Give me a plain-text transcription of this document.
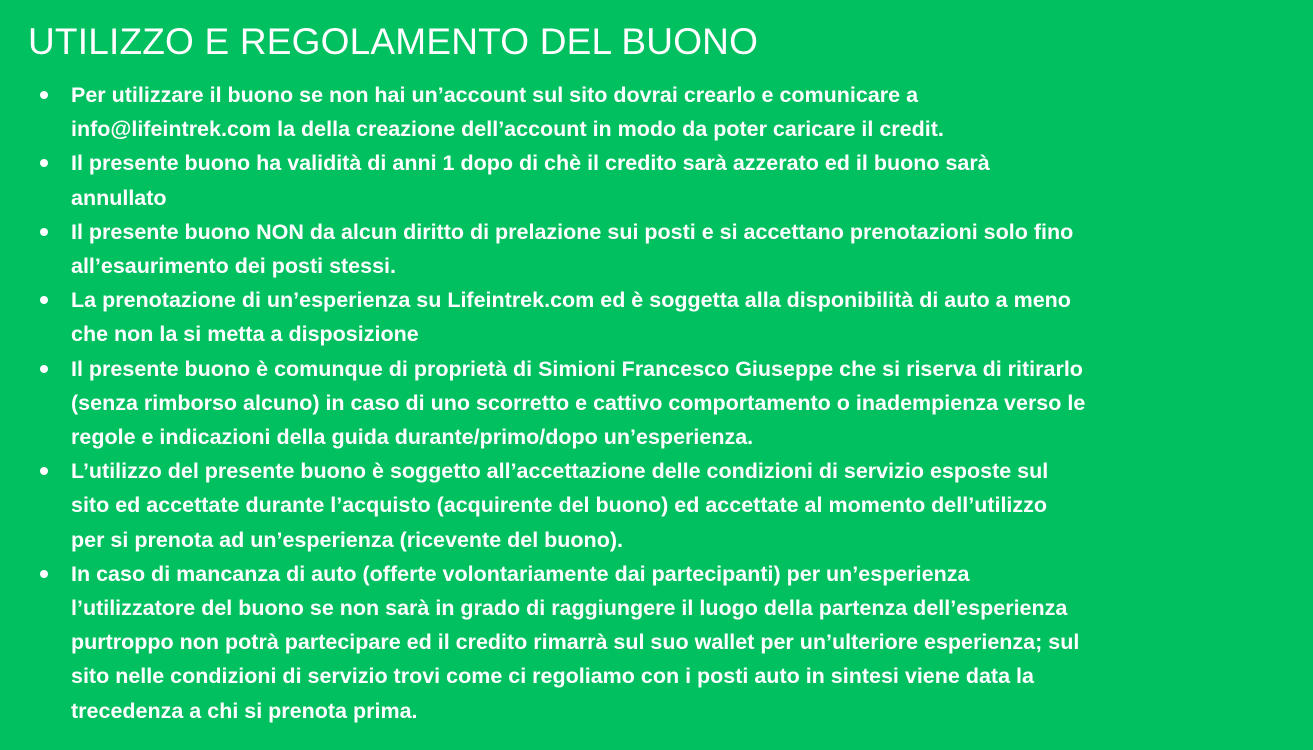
UTILIZZO E REGOLAMENTO DEL BUONO
Per utilizzare il buono se non hai un’account sul sito dovrai crearlo e comunicare a
info@lifeintrek.com la della creazione dell’account in modo da poter caricare il credit.
Il presente buono ha validità di anni 1 dopo di chè il credito sarà azzerato ed il buono sarà
annullato
Il presente buono NON da alcun diritto di prelazione sui posti e si accettano prenotazioni solo fino
all’esaurimento dei posti stessi.
La prenotazione di un’esperienza su Lifeintrek.com ed è soggetta alla disponibilità di auto a meno
che non la si metta a disposizione
Il presente buono è comunque di proprietà di Simioni Francesco Giuseppe che si riserva di ritirarlo
(senza rimborso alcuno) in caso di uno scorretto e cattivo comportamento o inadempienza verso le
regole e indicazioni della guida durante/primo/dopo un’esperienza.
L’utilizzo del presente buono è soggetto all’accettazione delle condizioni di servizio esposte sul
sito ed accettate durante l’acquisto (acquirente del buono) ed accettate al momento dell’utilizzo
per si prenota ad un’esperienza (ricevente del buono).
In caso di mancanza di auto (offerte volontariamente dai partecipanti) per un’esperienza
l’utilizzatore del buono se non sarà in grado di raggiungere il luogo della partenza dell’esperienza
purtroppo non potrà partecipare ed il credito rimarrà sul suo wallet per un’ulteriore esperienza; sul
sito nelle condizioni di servizio trovi come ci regoliamo con i posti auto in sintesi viene data la
trecedenza a chi si prenota prima.
